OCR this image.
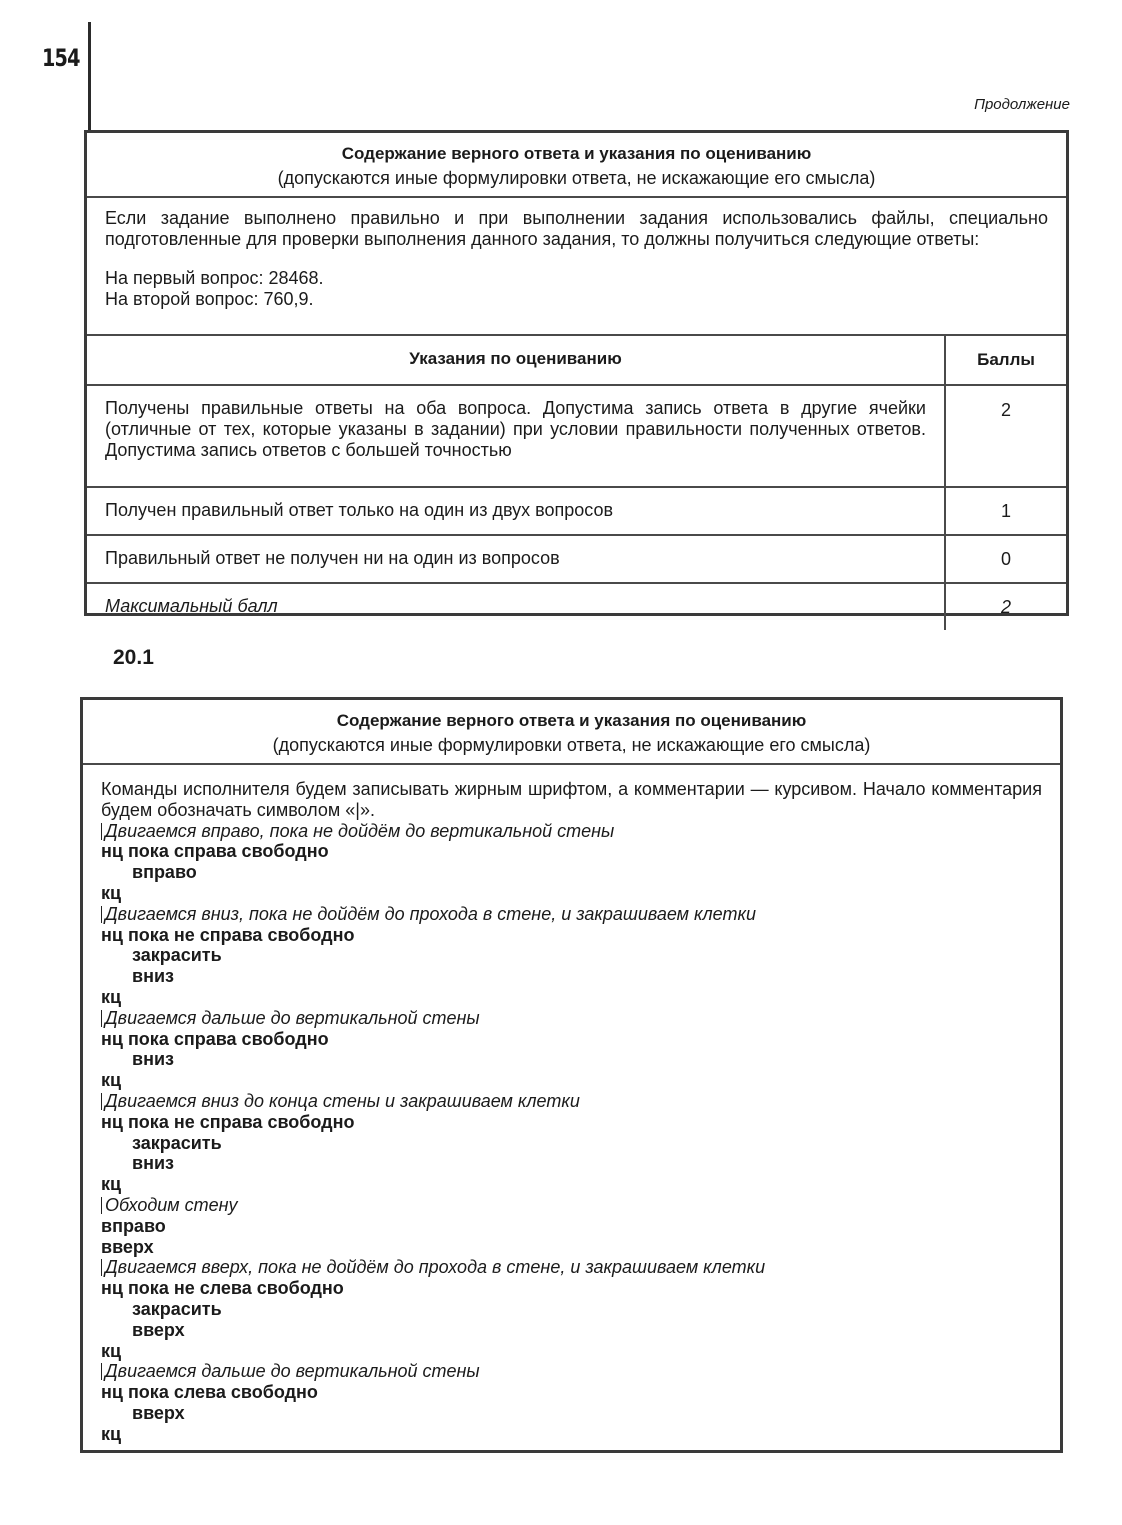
154
Продолжение
Содержание верного ответа и указания по оцениванию
(допускаются иные формулировки ответа, не искажающие его смысла)

Если задание выполнено правильно и при выполнении задания использовались файлы, специально подготовленные для проверки выполнения данного задания, то должны получиться следующие ответы:

На первый вопрос: 28468.

На второй вопрос: 760,9.

Указания по оцениванию	Баллы
Получены правильные ответы на оба вопроса. Допустима запись ответа в другие ячейки (отличные от тех, которые указаны в задании) при условии правильности полученных ответов. Допустима запись ответов с большей точностью	2
Получен правильный ответ только на один из двух вопросов	1
Правильный ответ не получен ни на один из вопросов	0
Максимальный балл	2
20.1
Содержание верного ответа и указания по оцениванию
(допускаются иные формулировки ответа, не искажающие его смысла)

Команды исполнителя будем записывать жирным шрифтом, а комментарии — курсивом. Начало комментария будем обозначать символом «|».

Двигаемся вправо, пока не дойдём до вертикальной стены
нц пока справа свободно
вправо
кц
Двигаемся вниз, пока не дойдём до прохода в стене, и закрашиваем клетки
нц пока не справа свободно
закрасить
вниз
кц
Двигаемся дальше до вертикальной стены
нц пока справа свободно
вниз
кц
Двигаемся вниз до конца стены и закрашиваем клетки
нц пока не справа свободно
закрасить
вниз
кц
Обходим стену
вправо
вверх
Двигаемся вверх, пока не дойдём до прохода в стене, и закрашиваем клетки
нц пока не слева свободно
закрасить
вверх
кц
Двигаемся дальше до вертикальной стены
нц пока слева свободно
вверх
кц
